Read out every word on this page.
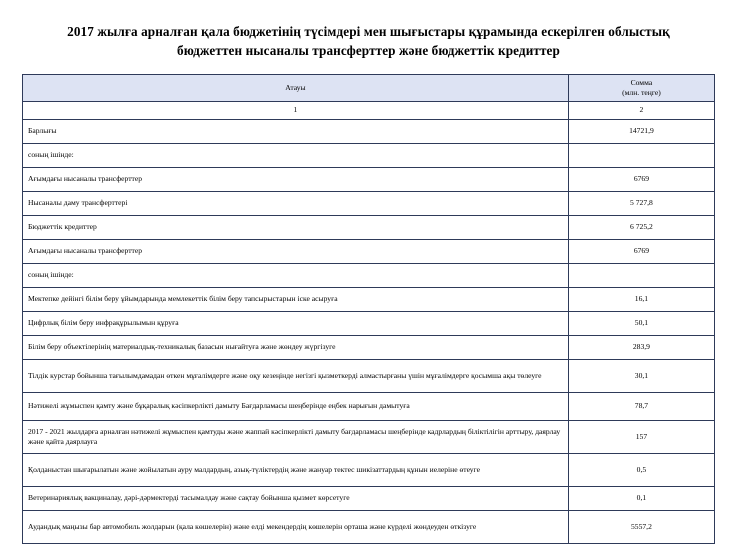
2017 жылға арналған қала бюджетінің түсімдері мен шығыстары құрамында ескерілген облыстық бюджеттен нысаналы трансферттер және бюджеттік кредиттер
Атауы	Сомма
(млн. теңге)

1	2
Барлығы	14721,9
соның ішінде:	
Ағымдағы нысаналы трансферттер	6769
Нысаналы даму трансферттері	5 727,8
Бюджеттік кредиттер	6 725,2
Ағымдағы нысаналы трансферттер	6769
соның ішінде:	
Мектепке дейінгі білім беру ұйымдарында мемлекеттік білім беру тапсырыстарын іске асыруға	16,1
Цифрлық білім беру инфрақұрылымын құруға	50,1
Білім беру объектілерінің материалдық-техникалық базасын нығайтуға және жөндеу жүргізуге	283,9
Тілдік курстар бойынша тағылымдамадан өткен мұғалімдерге және оқу кезеңінде негізгі қызметкерді алмастырғаны үшін мұғалімдерге қосымша ақы төлеуге	30,1
Нәтижелі жұмыспен қамту және бұқаралық кәсіпкерлікті дамыту Бағдарламасы шеңберінде еңбек нарығын дамытуға	78,7
2017 - 2021 жылдарға арналған нәтижелі жұмыспен қамтуды және жаппай кәсіпкерлікті дамыту бағдарламасы шеңберінде кадрлардың біліктілігін арттыру, даярлау және қайта даярлауға	157
Қолданыстан шығарылатын және жойылатын ауру малдардың, азық-түліктердің және жануар тектес шикізаттардың құнын иелеріне өтеуге	0,5
Ветеринариялық вакциналау, дәрі-дәрмектерді тасымалдау және сақтау бойынша қызмет көрсетуге	0,1
Аудандық маңызы бар автомобиль жолдарын (қала көшелерін) және елді мекендердің көшелерін орташа және күрделі жөндеуден өткізуге	5557,2
